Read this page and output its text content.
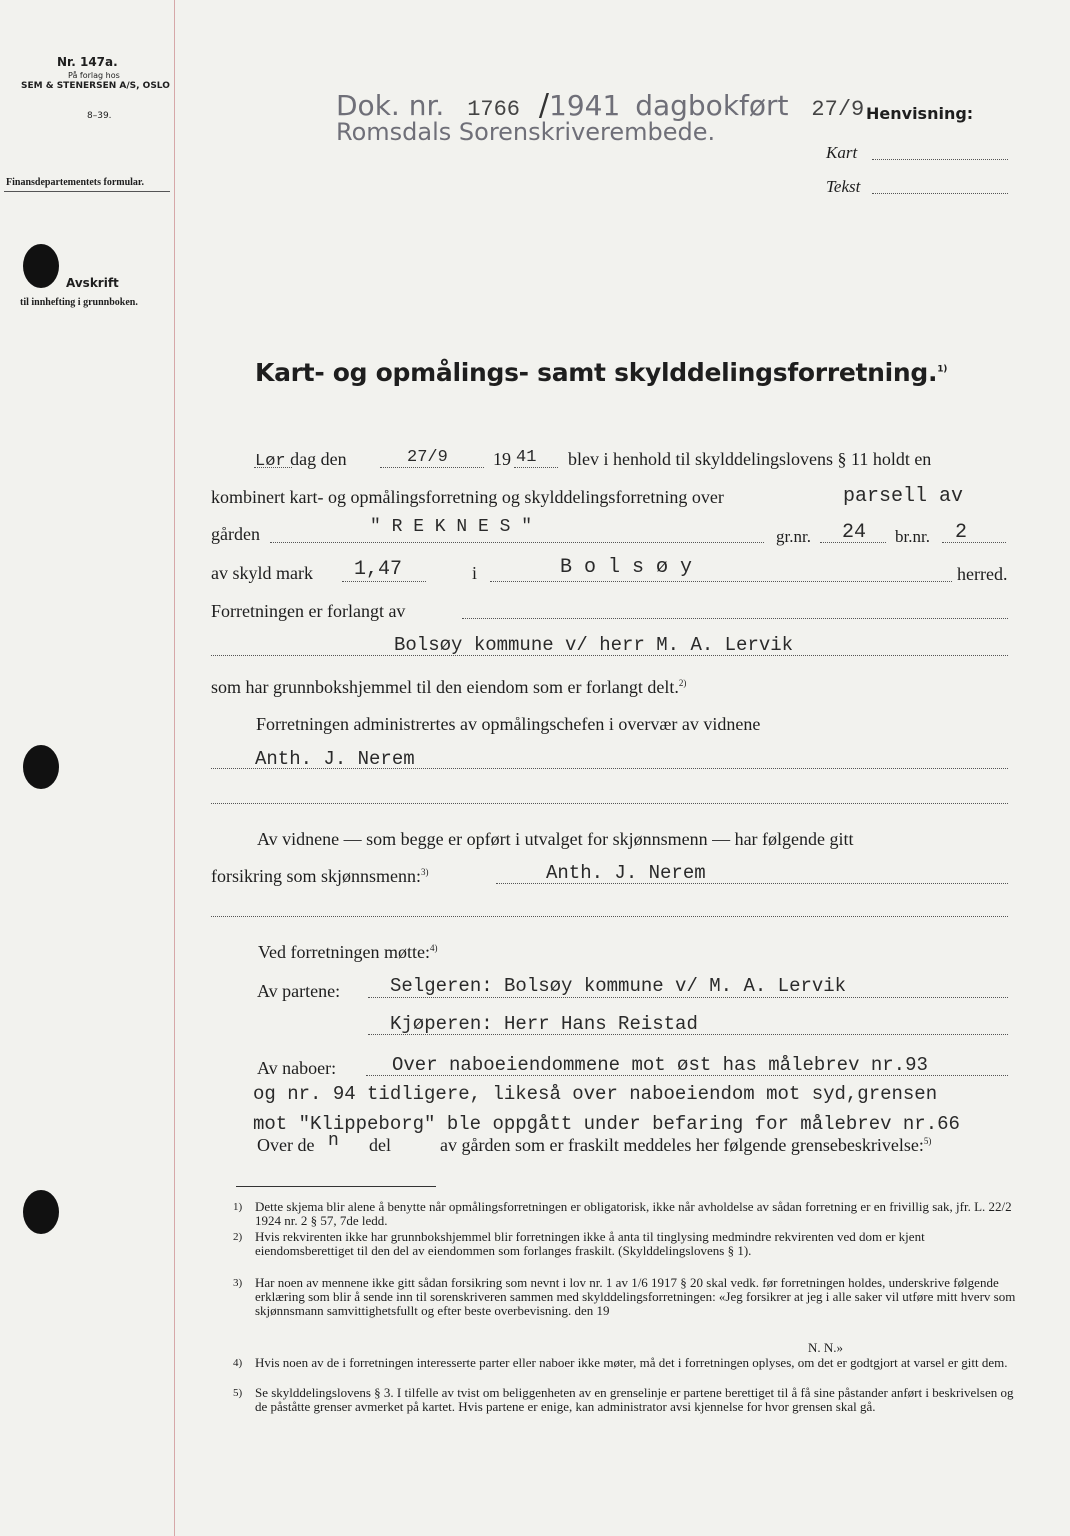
Nr. 147a.
På forlag hos
SEM & STENERSEN A/S, OSLO
8–39.
Finansdepartementets formular.
Avskrift
til innhefting i grunnboken.
Dok. nr. 1766 /1941 dagbokført 27/9
Romsdals Sorenskriverembede.
Henvisning:
Kart
Tekst
Kart- og opmålings- samt skylddelingsforretning.$^{1)}$
Lør dag den	27/9	19 41 blev i henhold til skylddelingslovens § 11 holdt en
kombinert kart- og opmålingsforretning og skylddelingsforretning over	parsell av
gården	" R E K N E S "	gr.nr. 24 br.nr. 2
av skyld mark 1,47	i	B o l s ø y	herred.
Forretningen er forlangt av
Bolsøy kommune v/ herr M. A. Lervik
som har grunnbokshjemmel til den eiendom som er forlangt delt.$^{2)}$
Forretningen administrertes av opmålingschefen i overvær av vidnene
Anth. J. Nerem
Av vidnene — som begge er opført i utvalget for skjønnsmenn — har følgende gitt
forsikring som skjønnsmenn:$^{3)}$	Anth. J. Nerem
Ved forretningen møtte:$^{4)}$
Av partene:	Selgeren: Bolsøy kommune v/ M. A. Lervik
Kjøperen: Herr Hans Reistad
Av naboer:	Over naboeiendommene mot øst has målebrev nr.93
og nr. 94 tidligere, likeså over naboeiendom mot syd,grensen
mot "Klippeborg" ble oppgått under befaring for målebrev nr.66
Over de n del	av gården som er fraskilt meddeles her følgende grensebeskrivelse:$^{5)}$
1) Dette skjema blir alene å benytte når opmålingsforretningen er obligatorisk, ikke når avholdelse av sådan forretning er en frivillig sak, jfr. L. 22/2 1924 nr. 2 § 57, 7de ledd.
2) Hvis rekvirenten ikke har grunnbokshjemmel blir forretningen ikke å anta til tinglysing medmindre rekvirenten ved dom er kjent eiendomsberettiget til den del av eiendommen som forlanges fraskilt. (Skylddelingslovens § 1).
3) Har noen av mennene ikke gitt sådan forsikring som nevnt i lov nr. 1 av 1/6 1917 § 20 skal vedk. før forretningen holdes, underskrive følgende erklæring som blir å sende inn til sorenskriveren sammen med skylddelingsforretningen: «Jeg forsikrer at jeg i alle saker vil utføre mitt hverv som skjønnsmann samvittighetsfullt og efter beste overbevisning. den 19
N. N.»
4) Hvis noen av de i forretningen interesserte parter eller naboer ikke møter, må det i forretningen oplyses, om det er godtgjort at varsel er gitt dem.
5) Se skylddelingslovens § 3. I tilfelle av tvist om beliggenheten av en grenselinje er partene berettiget til å få sine påstander anført i beskrivelsen og de påståtte grenser avmerket på kartet. Hvis partene er enige, kan administrator avsi kjennelse for hvor grensen skal gå.
